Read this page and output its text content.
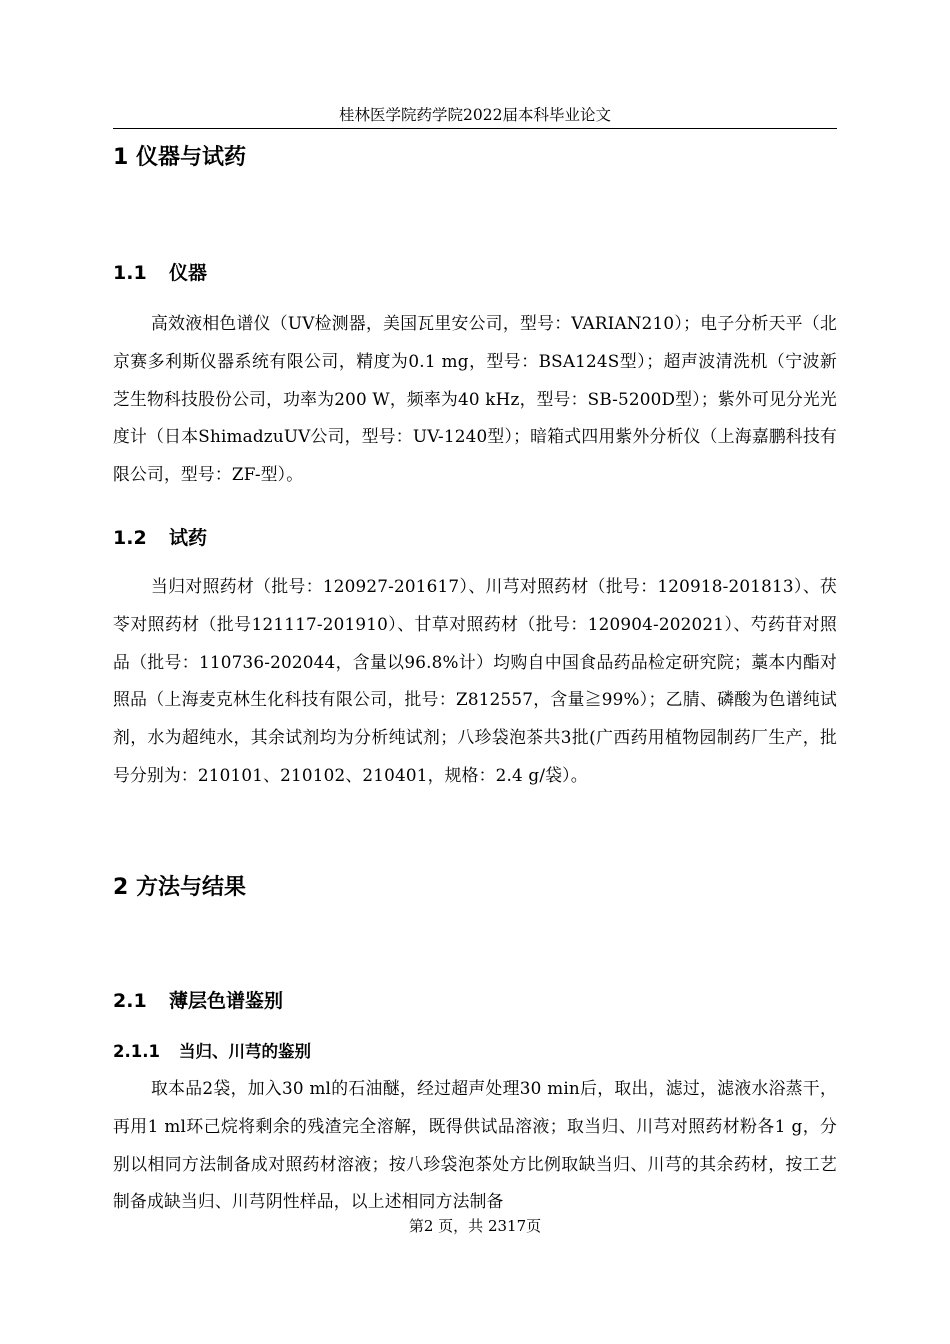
桂林医学院药学院2022届本科毕业论文
1 仪器与试药
1.1 仪器

高效液相色谱仪（UV检测器，美国瓦里安公司，型号：VARIAN210）；电子分析天平（北京赛多利斯仪器系统有限公司，精度为0.1 mg，型号：BSA124S型）；超声波清洗机（宁波新芝生物科技股份公司，功率为200 W，频率为40 kHz，型号：SB-5200D型）；紫外可见分光光度计（日本ShimadzuUV公司，型号：UV-1240型）；暗箱式四用紫外分析仪（上海嘉鹏科技有限公司，型号：ZF-型）。

1.2 试药

当归对照药材（批号：120927-201617）、川芎对照药材（批号：120918-201813）、茯苓对照药材（批号121117-201910）、甘草对照药材（批号：120904-202021）、芍药苷对照品（批号：110736-202044，含量以96.8%计）均购自中国食品药品检定研究院；藁本内酯对照品（上海麦克林生化科技有限公司，批号：Z812557，含量≧99%）；乙腈、磷酸为色谱纯试剂，水为超纯水，其余试剂均为分析纯试剂；八珍袋泡茶共3批(广西药用植物园制药厂生产，批号分别为：210101、210102、210401，规格：2.4 g/袋）。

2 方法与结果
2.1 薄层色谱鉴别
2.1.1 当归、川芎的鉴别

取本品2袋，加入30 ml的石油醚，经过超声处理30 min后，取出，滤过，滤液水浴蒸干，再用1 ml环己烷将剩余的残渣完全溶解，既得供试品溶液；取当归、川芎对照药材粉各1 g，分别以相同方法制备成对照药材溶液；按八珍袋泡茶处方比例取缺当归、川芎的其余药材，按工艺制备成缺当归、川芎阴性样品，以上述相同方法制备

第2 页，共 2317页
